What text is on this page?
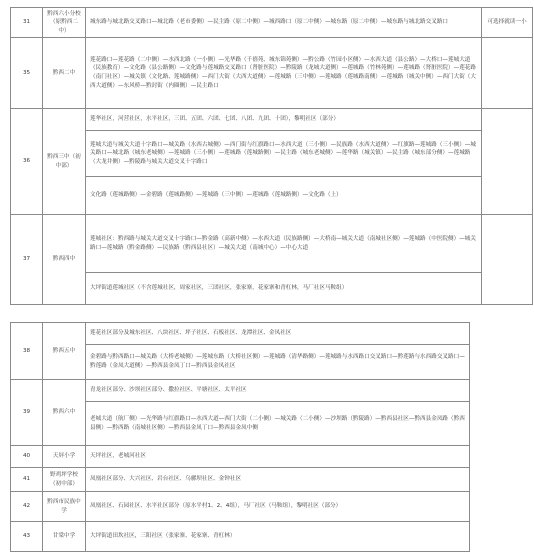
31	黔西六小分校（原黔西二中）	城东路与城北路交叉路口—城北路（老市委侧）—民主路（原二中侧）—城西路口（原二中侧）—城东路（原二中侧）—城东路与城北路交叉路口	可选择就读一小
35	黔西二中	莲花路口—莲花路（二中侧）—水西北路（一小侧）—光华路（千禧苑、城东锦苑侧）—黔公路（竹园小区侧）—水西大道（县公路）—大桥口—莲城大道（民族教育）—文化路（县公路侧）—文化路与莲城路交叉路口（肾脏医院）—黔陵路（龙城大道侧）—莲城路（竹林苑侧）—莲城路（肾脏医院）—莲花路（南门社区）—城关镇（文化路、莲城路侧）—西门大街（大西大道侧）—莲城路（三中侧）—莲城路（莲城路南侧）—莲城路（城关中侧）—西门大街（大西大道侧）—东风桥—黔封街（内圈侧）—民主路口	

36	黔西三中（初中部）	莲华社区，河营社区，水平社区，三团、五团、六团、七团、八团、九团、十团），黎明社区（部分）	

		莲城大道与城关大道十字路口—城关路（水西古城侧）—西门街与红旗路口—水西大道（三小侧）—民族路（水西大道侧）—红旗路—莲城路（三小侧）—城关路口—城北路（城东老城侧）—莲城路（三小侧）—莲城路（莲城路侧）—民主路（城东老城侧）—莲华路（城关镇）—民主路（城东部分侧）—莲城路（大龙井侧）—黔陵路与城关大道交叉十字路口	

		文化路（莲城路侧）—金碧路（莲城路侧）—莲城路（三中侧）—莲城路（莲城路侧）—文化路（上）	

37	黔西四中	莲城社区：黔西路与城关大道交叉十字路口—黔金路（高新中侧）—水西大道（民族路侧）—大桥南—城关大道（南城社区侧）—莲城路（中医院侧）—城关路口—莲城路（黔金路侧）—民族路（黔西县社区）—城关大道（南城中心）—中心大道	

		大坪街道莲城社区（不含莲城社区，周家社区，三团社区，张家寨，花家寨和青杠林，马厂社区马鞍组）	

38	黔西五中	莲花社区部分及城东社区、八块社区、坪子社区、石板社区、龙潭社区、金凤社区

		金碧路与黔西路口—城关路（大桥老城侧）—莲城东路（大桥社区侧）—莲城路（清华路侧）—莲城路与水西路口交叉路口—黔莲路与水西路交叉路口—黔莲路（金凤大道侧）—黔西县金凤丁口—黔西县金凤社区

39	黔西六中	青龙社区部分、沙坝社区部分、撒拉社区、平塘社区、太平社区

		老城大道（航厂侧）—光华路与红旗路口—水西大道—西门大街（二小侧）—城关路（二小侧）—沙坝路（黔陵路）—黔西县社区—黔西县金凤路（黔西县侧）—黔西路（南城社区侧）—黔西县金凤丁口—黔西县金凤中侧

40	天屏小学	天坪社区，老城河社区

41	野鸡坪学校（初中部）	凤凰社区部分、大兴社区、岩台社区、乌骡坝社区、金钟社区

42	黔西市民族中学	凤凰社区、石园社区、水平社区部分（原水平村1、2、4组），马厂社区（马鞍组），黎明社区（部分）

43	甘棠中学	大坪街道田坎社区，三阳社区（张家寨、花家寨、青杠林）
